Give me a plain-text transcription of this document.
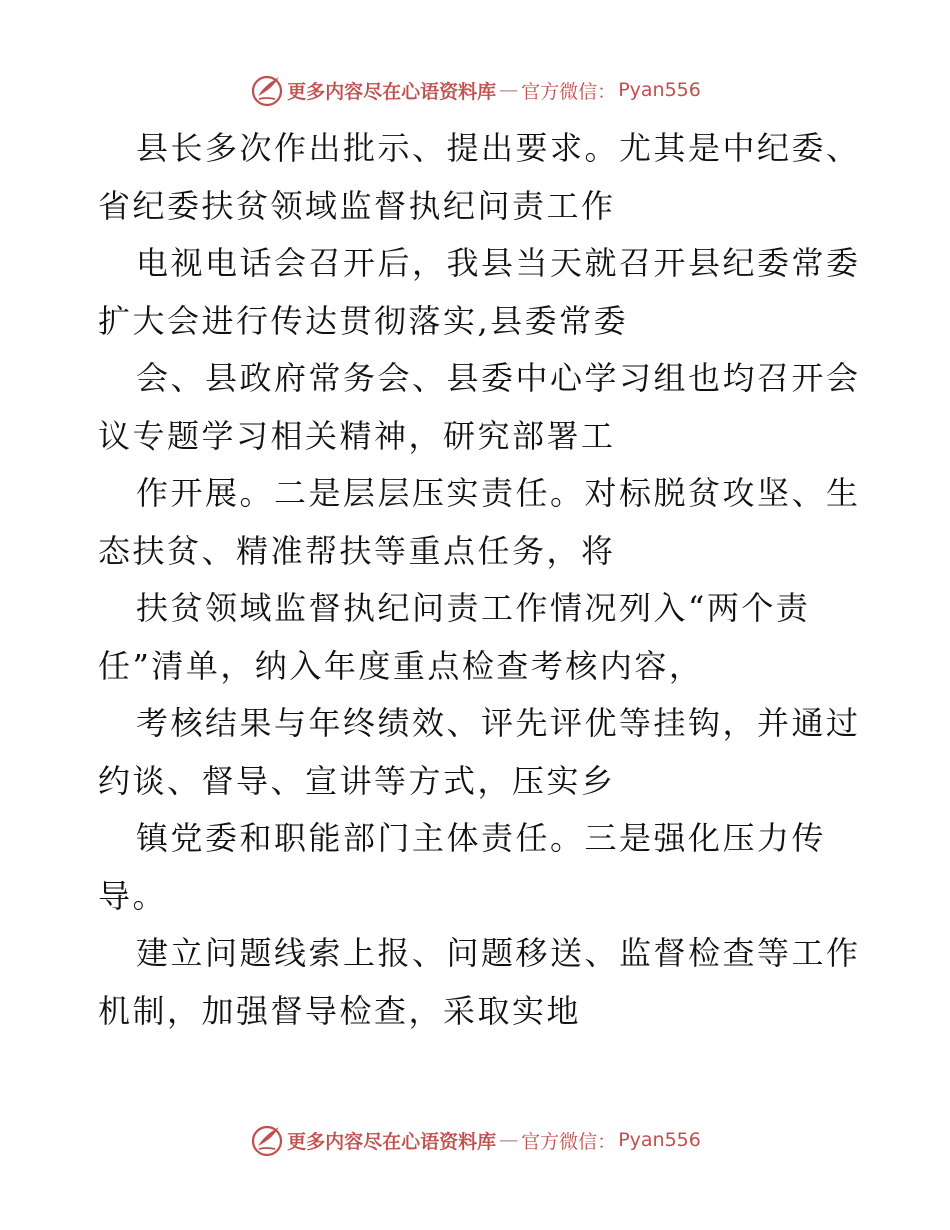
更多内容尽在心语资料库 — 官方微信： Pyan556

县长多次作出批示、提出要求。尤其是中纪委、
省纪委扶贫领域监督执纪问责工作

电视电话会召开后，我县当天就召开县纪委常委
扩大会进行传达贯彻落实,县委常委

会、县政府常务会、县委中心学习组也均召开会
议专题学习相关精神，研究部署工

作开展。二是层层压实责任。对标脱贫攻坚、生
态扶贫、精准帮扶等重点任务，将

扶贫领域监督执纪问责工作情况列入“两个责
任”清单，纳入年度重点检查考核内容，

考核结果与年终绩效、评先评优等挂钩，并通过
约谈、督导、宣讲等方式，压实乡

镇党委和职能部门主体责任。三是强化压力传
导。

建立问题线索上报、问题移送、监督检查等工作
机制，加强督导检查，采取实地

更多内容尽在心语资料库 — 官方微信： Pyan556
